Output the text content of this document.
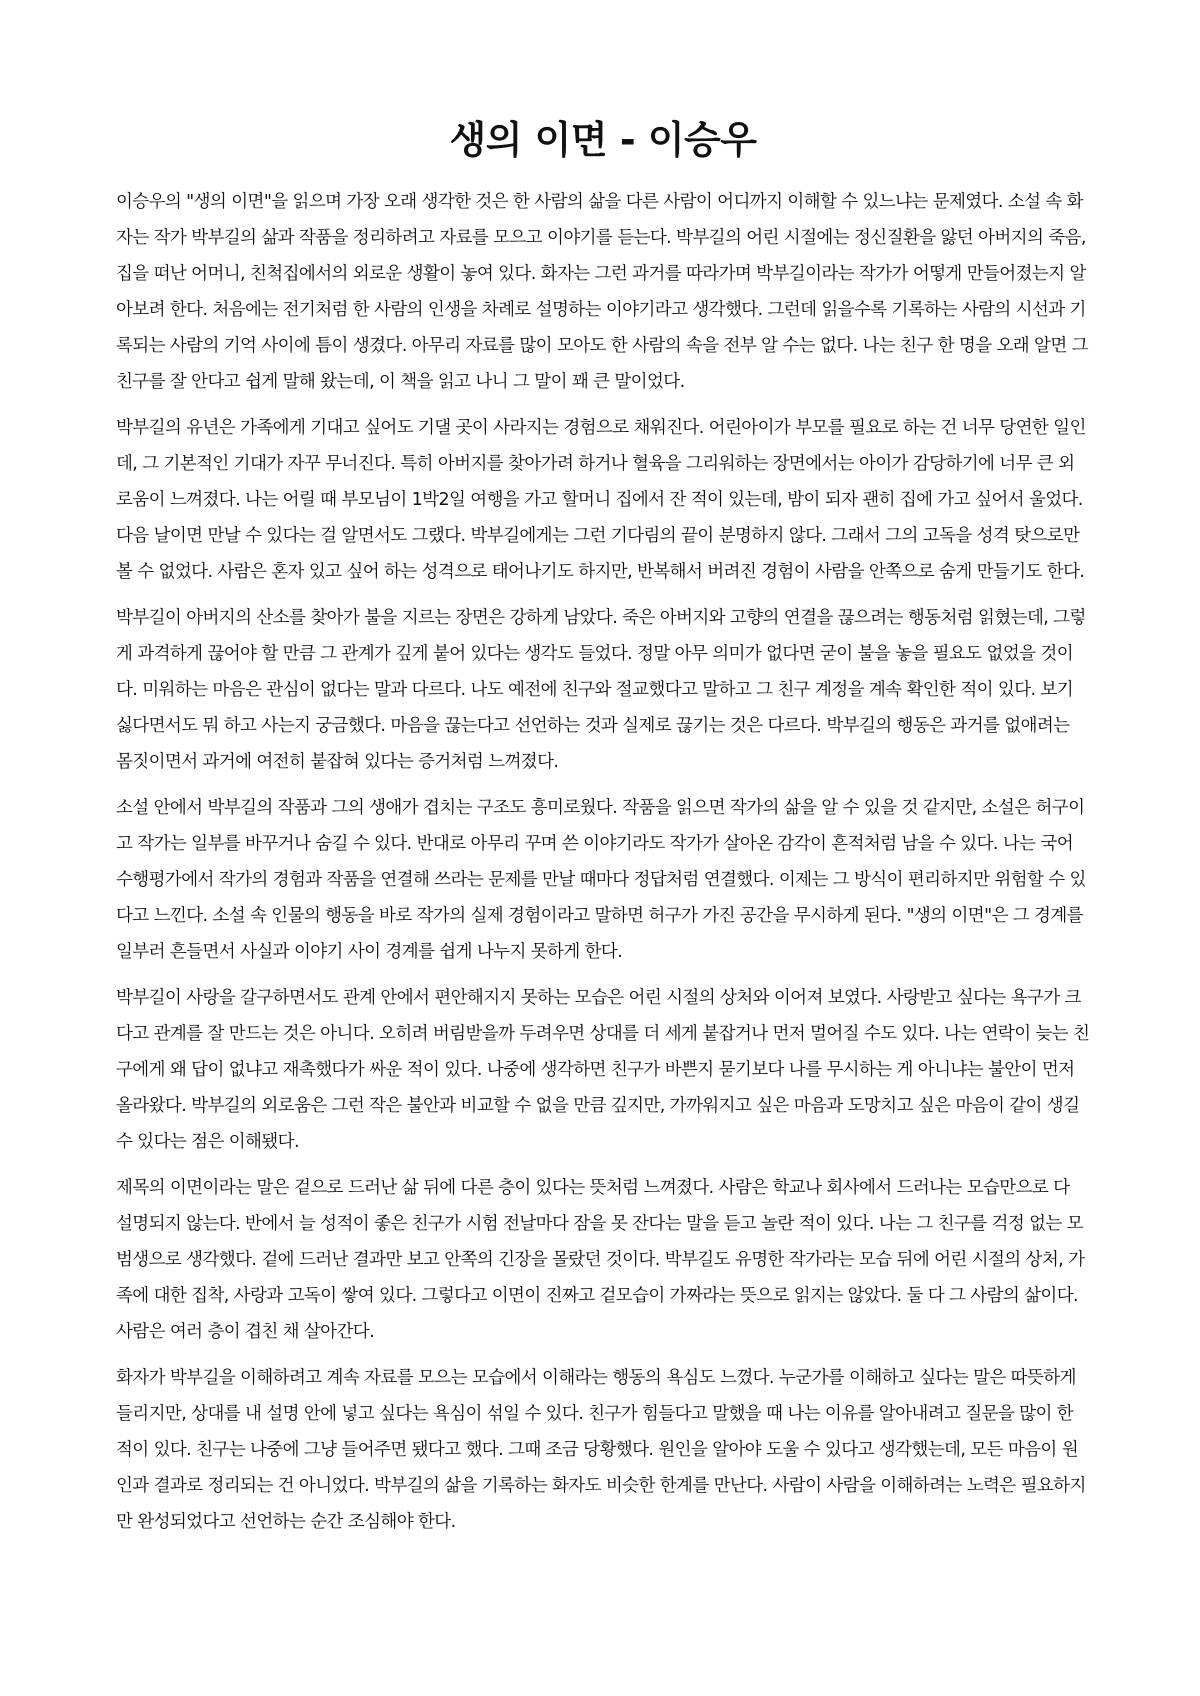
생의 이면 - 이승우

이승우의 "생의 이면"을 읽으며 가장 오래 생각한 것은 한 사람의 삶을 다른 사람이 어디까지 이해할 수 있느냐는 문제였다. 소설 속 화자는 작가 박부길의 삶과 작품을 정리하려고 자료를 모으고 이야기를 듣는다. 박부길의 어린 시절에는 정신질환을 앓던 아버지의 죽음, 집을 떠난 어머니, 친척집에서의 외로운 생활이 놓여 있다. 화자는 그런 과거를 따라가며 박부길이라는 작가가 어떻게 만들어졌는지 알아보려 한다. 처음에는 전기처럼 한 사람의 인생을 차례로 설명하는 이야기라고 생각했다. 그런데 읽을수록 기록하는 사람의 시선과 기록되는 사람의 기억 사이에 틈이 생겼다. 아무리 자료를 많이 모아도 한 사람의 속을 전부 알 수는 없다. 나는 친구 한 명을 오래 알면 그 친구를 잘 안다고 쉽게 말해 왔는데, 이 책을 읽고 나니 그 말이 꽤 큰 말이었다.

박부길의 유년은 가족에게 기대고 싶어도 기댈 곳이 사라지는 경험으로 채워진다. 어린아이가 부모를 필요로 하는 건 너무 당연한 일인데, 그 기본적인 기대가 자꾸 무너진다. 특히 아버지를 찾아가려 하거나 혈육을 그리워하는 장면에서는 아이가 감당하기에 너무 큰 외로움이 느껴졌다. 나는 어릴 때 부모님이 1박2일 여행을 가고 할머니 집에서 잔 적이 있는데, 밤이 되자 괜히 집에 가고 싶어서 울었다. 다음 날이면 만날 수 있다는 걸 알면서도 그랬다. 박부길에게는 그런 기다림의 끝이 분명하지 않다. 그래서 그의 고독을 성격 탓으로만 볼 수 없었다. 사람은 혼자 있고 싶어 하는 성격으로 태어나기도 하지만, 반복해서 버려진 경험이 사람을 안쪽으로 숨게 만들기도 한다.

박부길이 아버지의 산소를 찾아가 불을 지르는 장면은 강하게 남았다. 죽은 아버지와 고향의 연결을 끊으려는 행동처럼 읽혔는데, 그렇게 과격하게 끊어야 할 만큼 그 관계가 깊게 붙어 있다는 생각도 들었다. 정말 아무 의미가 없다면 굳이 불을 놓을 필요도 없었을 것이다. 미워하는 마음은 관심이 없다는 말과 다르다. 나도 예전에 친구와 절교했다고 말하고 그 친구 계정을 계속 확인한 적이 있다. 보기 싫다면서도 뭐 하고 사는지 궁금했다. 마음을 끊는다고 선언하는 것과 실제로 끊기는 것은 다르다. 박부길의 행동은 과거를 없애려는 몸짓이면서 과거에 여전히 붙잡혀 있다는 증거처럼 느껴졌다.

소설 안에서 박부길의 작품과 그의 생애가 겹치는 구조도 흥미로웠다. 작품을 읽으면 작가의 삶을 알 수 있을 것 같지만, 소설은 허구이고 작가는 일부를 바꾸거나 숨길 수 있다. 반대로 아무리 꾸며 쓴 이야기라도 작가가 살아온 감각이 흔적처럼 남을 수 있다. 나는 국어 수행평가에서 작가의 경험과 작품을 연결해 쓰라는 문제를 만날 때마다 정답처럼 연결했다. 이제는 그 방식이 편리하지만 위험할 수 있다고 느낀다. 소설 속 인물의 행동을 바로 작가의 실제 경험이라고 말하면 허구가 가진 공간을 무시하게 된다. "생의 이면"은 그 경계를 일부러 흔들면서 사실과 이야기 사이 경계를 쉽게 나누지 못하게 한다.

박부길이 사랑을 갈구하면서도 관계 안에서 편안해지지 못하는 모습은 어린 시절의 상처와 이어져 보였다. 사랑받고 싶다는 욕구가 크다고 관계를 잘 만드는 것은 아니다. 오히려 버림받을까 두려우면 상대를 더 세게 붙잡거나 먼저 멀어질 수도 있다. 나는 연락이 늦는 친구에게 왜 답이 없냐고 재촉했다가 싸운 적이 있다. 나중에 생각하면 친구가 바쁜지 묻기보다 나를 무시하는 게 아니냐는 불안이 먼저 올라왔다. 박부길의 외로움은 그런 작은 불안과 비교할 수 없을 만큼 깊지만, 가까워지고 싶은 마음과 도망치고 싶은 마음이 같이 생길 수 있다는 점은 이해됐다.

제목의 이면이라는 말은 겉으로 드러난 삶 뒤에 다른 층이 있다는 뜻처럼 느껴졌다. 사람은 학교나 회사에서 드러나는 모습만으로 다 설명되지 않는다. 반에서 늘 성적이 좋은 친구가 시험 전날마다 잠을 못 잔다는 말을 듣고 놀란 적이 있다. 나는 그 친구를 걱정 없는 모범생으로 생각했다. 겉에 드러난 결과만 보고 안쪽의 긴장을 몰랐던 것이다. 박부길도 유명한 작가라는 모습 뒤에 어린 시절의 상처, 가족에 대한 집착, 사랑과 고독이 쌓여 있다. 그렇다고 이면이 진짜고 겉모습이 가짜라는 뜻으로 읽지는 않았다. 둘 다 그 사람의 삶이다. 사람은 여러 층이 겹친 채 살아간다.

화자가 박부길을 이해하려고 계속 자료를 모으는 모습에서 이해라는 행동의 욕심도 느꼈다. 누군가를 이해하고 싶다는 말은 따뜻하게 들리지만, 상대를 내 설명 안에 넣고 싶다는 욕심이 섞일 수 있다. 친구가 힘들다고 말했을 때 나는 이유를 알아내려고 질문을 많이 한 적이 있다. 친구는 나중에 그냥 들어주면 됐다고 했다. 그때 조금 당황했다. 원인을 알아야 도울 수 있다고 생각했는데, 모든 마음이 원인과 결과로 정리되는 건 아니었다. 박부길의 삶을 기록하는 화자도 비슷한 한계를 만난다. 사람이 사람을 이해하려는 노력은 필요하지만 완성되었다고 선언하는 순간 조심해야 한다.
